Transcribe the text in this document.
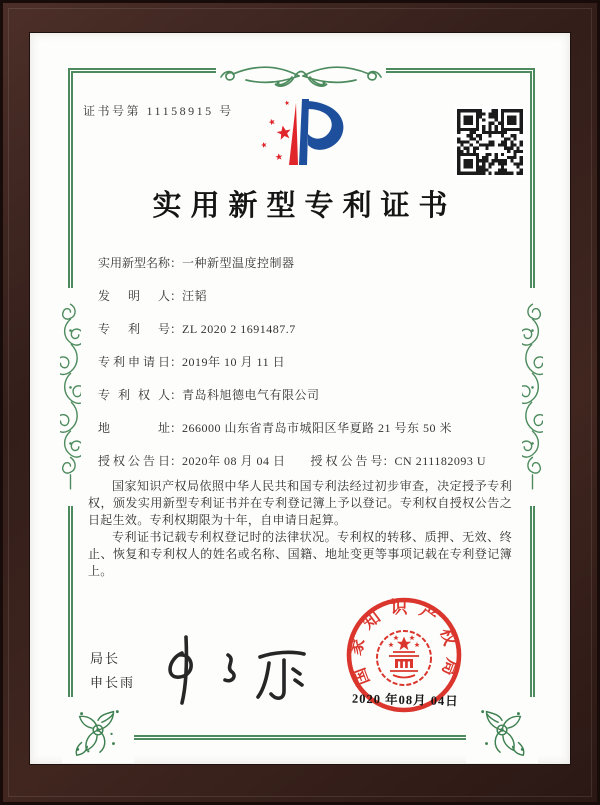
证书号第 11158915 号
实用新型专利证书
实用新型名称：一种新型温度控制器
发明人：汪韬
专利号：ZL 2020 2 1691487.7
专利申请日：2019年 10 月 11 日
专利权人：青岛科旭德电气有限公司
地址：266000 山东省青岛市城阳区华夏路 21 号东 50 米
授权公告日：2020年 08 月 04 日 授权公告号：CN 211182093 U

国家知识产权局依照中华人民共和国专利法经过初步审查，决定授予专利权，颁发实用新型专利证书并在专利登记簿上予以登记。专利权自授权公告之日起生效。专利权期限为十年，自申请日起算。

专利证书记载专利权登记时的法律状况。专利权的转移、质押、无效、终止、恢复和专利权人的姓名或名称、国籍、地址变更等事项记载在专利登记簿上。

局长
申长雨	国家知识产权局
2020 年08月 04日
